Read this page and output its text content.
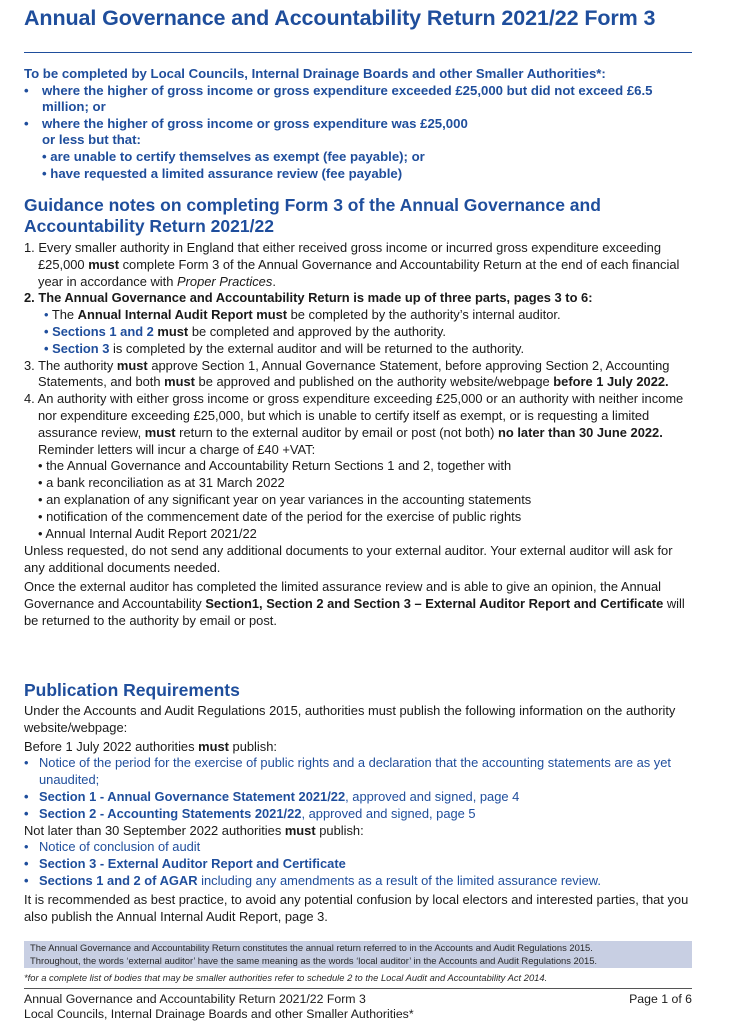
Annual Governance and Accountability Return 2021/22 Form 3
To be completed by Local Councils, Internal Drainage Boards and other Smaller Authorities*:
• where the higher of gross income or gross expenditure exceeded £25,000 but did not exceed £6.5 million; or
• where the higher of gross income or gross expenditure was £25,000
or less but that:
• are unable to certify themselves as exempt (fee payable); or
• have requested a limited assurance review (fee payable)
Guidance notes on completing Form 3 of the Annual Governance and Accountability Return 2021/22
1. Every smaller authority in England that either received gross income or incurred gross expenditure exceeding £25,000 must complete Form 3 of the Annual Governance and Accountability Return at the end of each financial year in accordance with Proper Practices.
2. The Annual Governance and Accountability Return is made up of three parts, pages 3 to 6:
• The Annual Internal Audit Report must be completed by the authority’s internal auditor.
• Sections 1 and 2 must be completed and approved by the authority.
• Section 3 is completed by the external auditor and will be returned to the authority.
3. The authority must approve Section 1, Annual Governance Statement, before approving Section 2, Accounting Statements, and both must be approved and published on the authority website/webpage before 1 July 2022.
4. An authority with either gross income or gross expenditure exceeding £25,000 or an authority with neither income nor expenditure exceeding £25,000, but which is unable to certify itself as exempt, or is requesting a limited assurance review, must return to the external auditor by email or post (not both) no later than 30 June 2022. Reminder letters will incur a charge of £40 +VAT:
• the Annual Governance and Accountability Return Sections 1 and 2, together with
• a bank reconciliation as at 31 March 2022
• an explanation of any significant year on year variances in the accounting statements
• notification of the commencement date of the period for the exercise of public rights
• Annual Internal Audit Report 2021/22
Unless requested, do not send any additional documents to your external auditor. Your external auditor will ask for any additional documents needed.
Once the external auditor has completed the limited assurance review and is able to give an opinion, the Annual Governance and Accountability Section1, Section 2 and Section 3 – External Auditor Report and Certificate will be returned to the authority by email or post.
Publication Requirements
Under the Accounts and Audit Regulations 2015, authorities must publish the following information on the authority website/webpage:
Before 1 July 2022 authorities must publish:
• Notice of the period for the exercise of public rights and a declaration that the accounting statements are as yet unaudited;
• Section 1 - Annual Governance Statement 2021/22, approved and signed, page 4
• Section 2 - Accounting Statements 2021/22, approved and signed, page 5
Not later than 30 September 2022 authorities must publish:
• Notice of conclusion of audit
• Section 3 - External Auditor Report and Certificate
• Sections 1 and 2 of AGAR including any amendments as a result of the limited assurance review.
It is recommended as best practice, to avoid any potential confusion by local electors and interested parties, that you also publish the Annual Internal Audit Report, page 3.
The Annual Governance and Accountability Return constitutes the annual return referred to in the Accounts and Audit Regulations 2015.
Throughout, the words ‘external auditor’ have the same meaning as the words ‘local auditor’ in the Accounts and Audit Regulations 2015.
*for a complete list of bodies that may be smaller authorities refer to schedule 2 to the Local Audit and Accountability Act 2014.
Annual Governance and Accountability Return 2021/22 Form 3
Local Councils, Internal Drainage Boards and other Smaller Authorities*
Page 1 of 6
